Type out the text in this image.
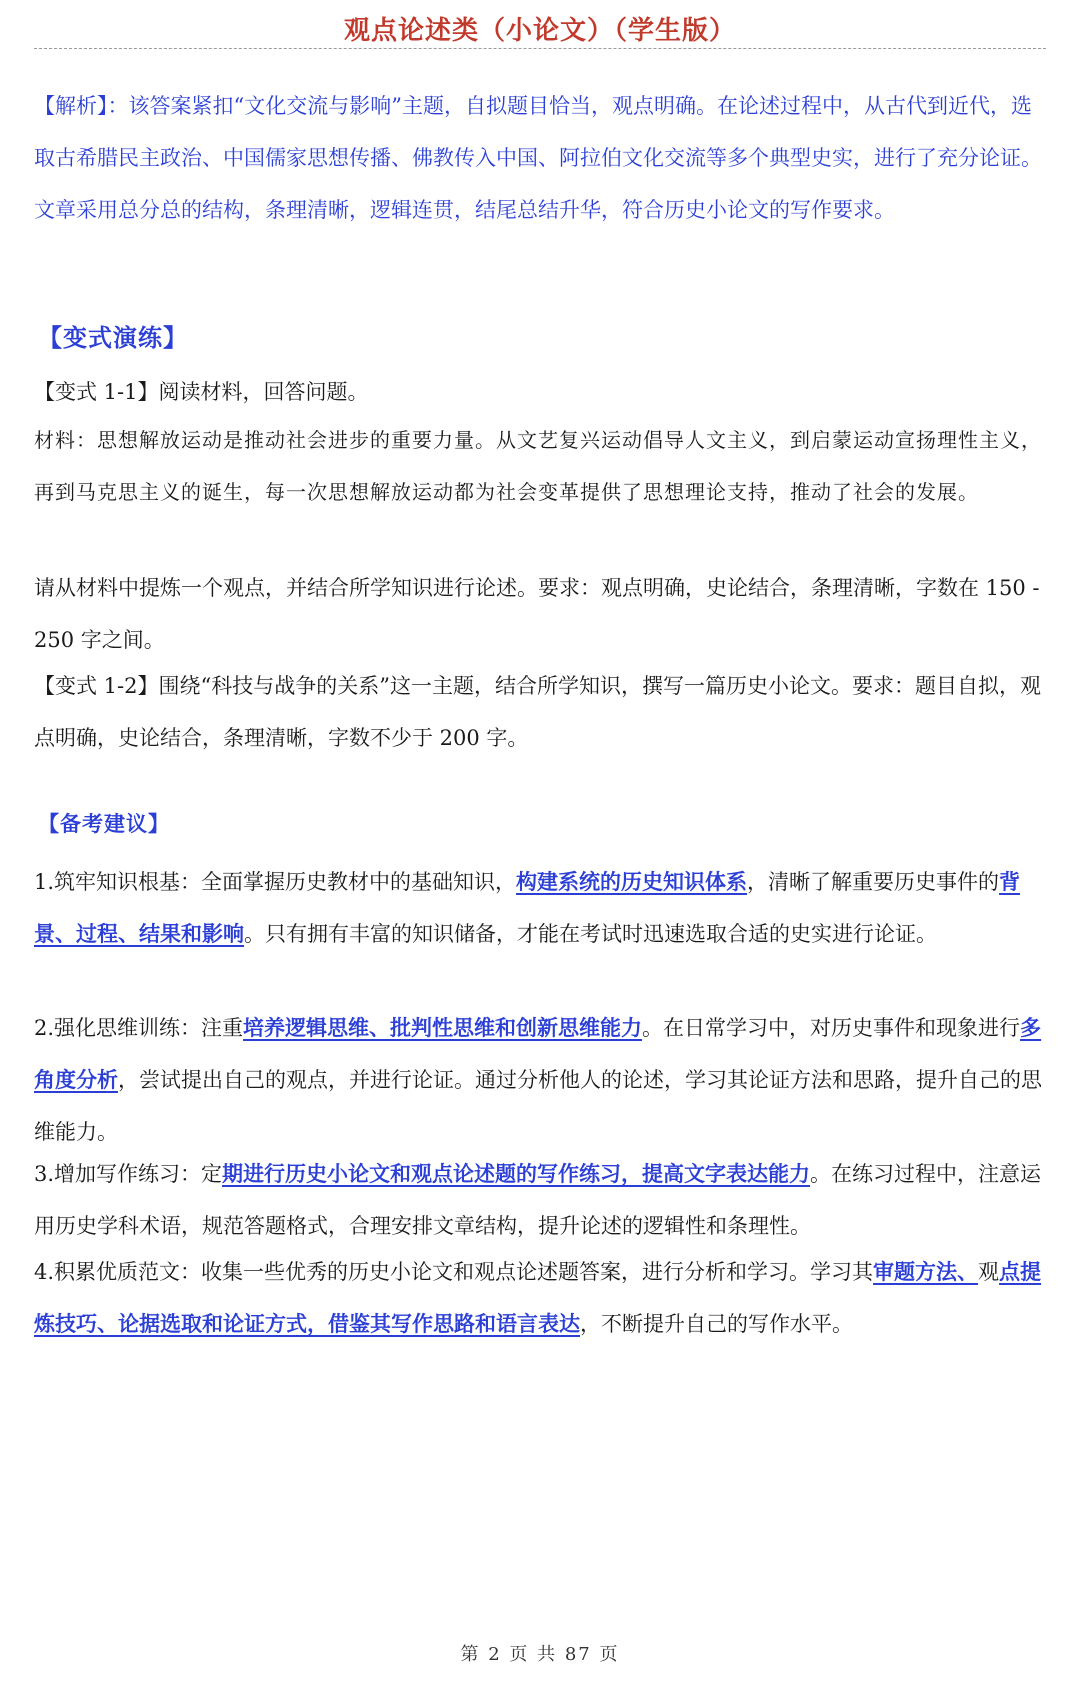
观点论述类（小论文）（学生版）
【解析】：该答案紧扣“文化交流与影响”主题，自拟题目恰当，观点明确。在论述过程中，从古代到近代，选取古希腊民主政治、中国儒家思想传播、佛教传入中国、阿拉伯文化交流等多个典型史实，进行了充分论证。文章采用总分总的结构，条理清晰，逻辑连贯，结尾总结升华，符合历史小论文的写作要求。
【变式演练】
【变式 1-1】阅读材料，回答问题。
材料：思想解放运动是推动社会进步的重要力量。从文艺复兴运动倡导人文主义，到启蒙运动宣扬理性主义，再到马克思主义的诞生，每一次思想解放运动都为社会变革提供了思想理论支持，推动了社会的发展。
请从材料中提炼一个观点，并结合所学知识进行论述。要求：观点明确，史论结合，条理清晰，字数在 150 - 250 字之间。
【变式 1-2】围绕“科技与战争的关系”这一主题，结合所学知识，撰写一篇历史小论文。要求：题目自拟，观点明确，史论结合，条理清晰，字数不少于 200 字。
【备考建议】
1.筑牢知识根基：全面掌握历史教材中的基础知识，构建系统的历史知识体系，清晰了解重要历史事件的背景、过程、结果和影响。只有拥有丰富的知识储备，才能在考试时迅速选取合适的史实进行论证。
2.强化思维训练：注重培养逻辑思维、批判性思维和创新思维能力。在日常学习中，对历史事件和现象进行多角度分析，尝试提出自己的观点，并进行论证。通过分析他人的论述，学习其论证方法和思路，提升自己的思维能力。
3.增加写作练习：定期进行历史小论文和观点论述题的写作练习，提高文字表达能力。在练习过程中，注意运用历史学科术语，规范答题格式，合理安排文章结构，提升论述的逻辑性和条理性。
4.积累优质范文：收集一些优秀的历史小论文和观点论述题答案，进行分析和学习。学习其审题方法、观点提炼技巧、论据选取和论证方式，借鉴其写作思路和语言表达，不断提升自己的写作水平。
第 2 页 共 87 页
